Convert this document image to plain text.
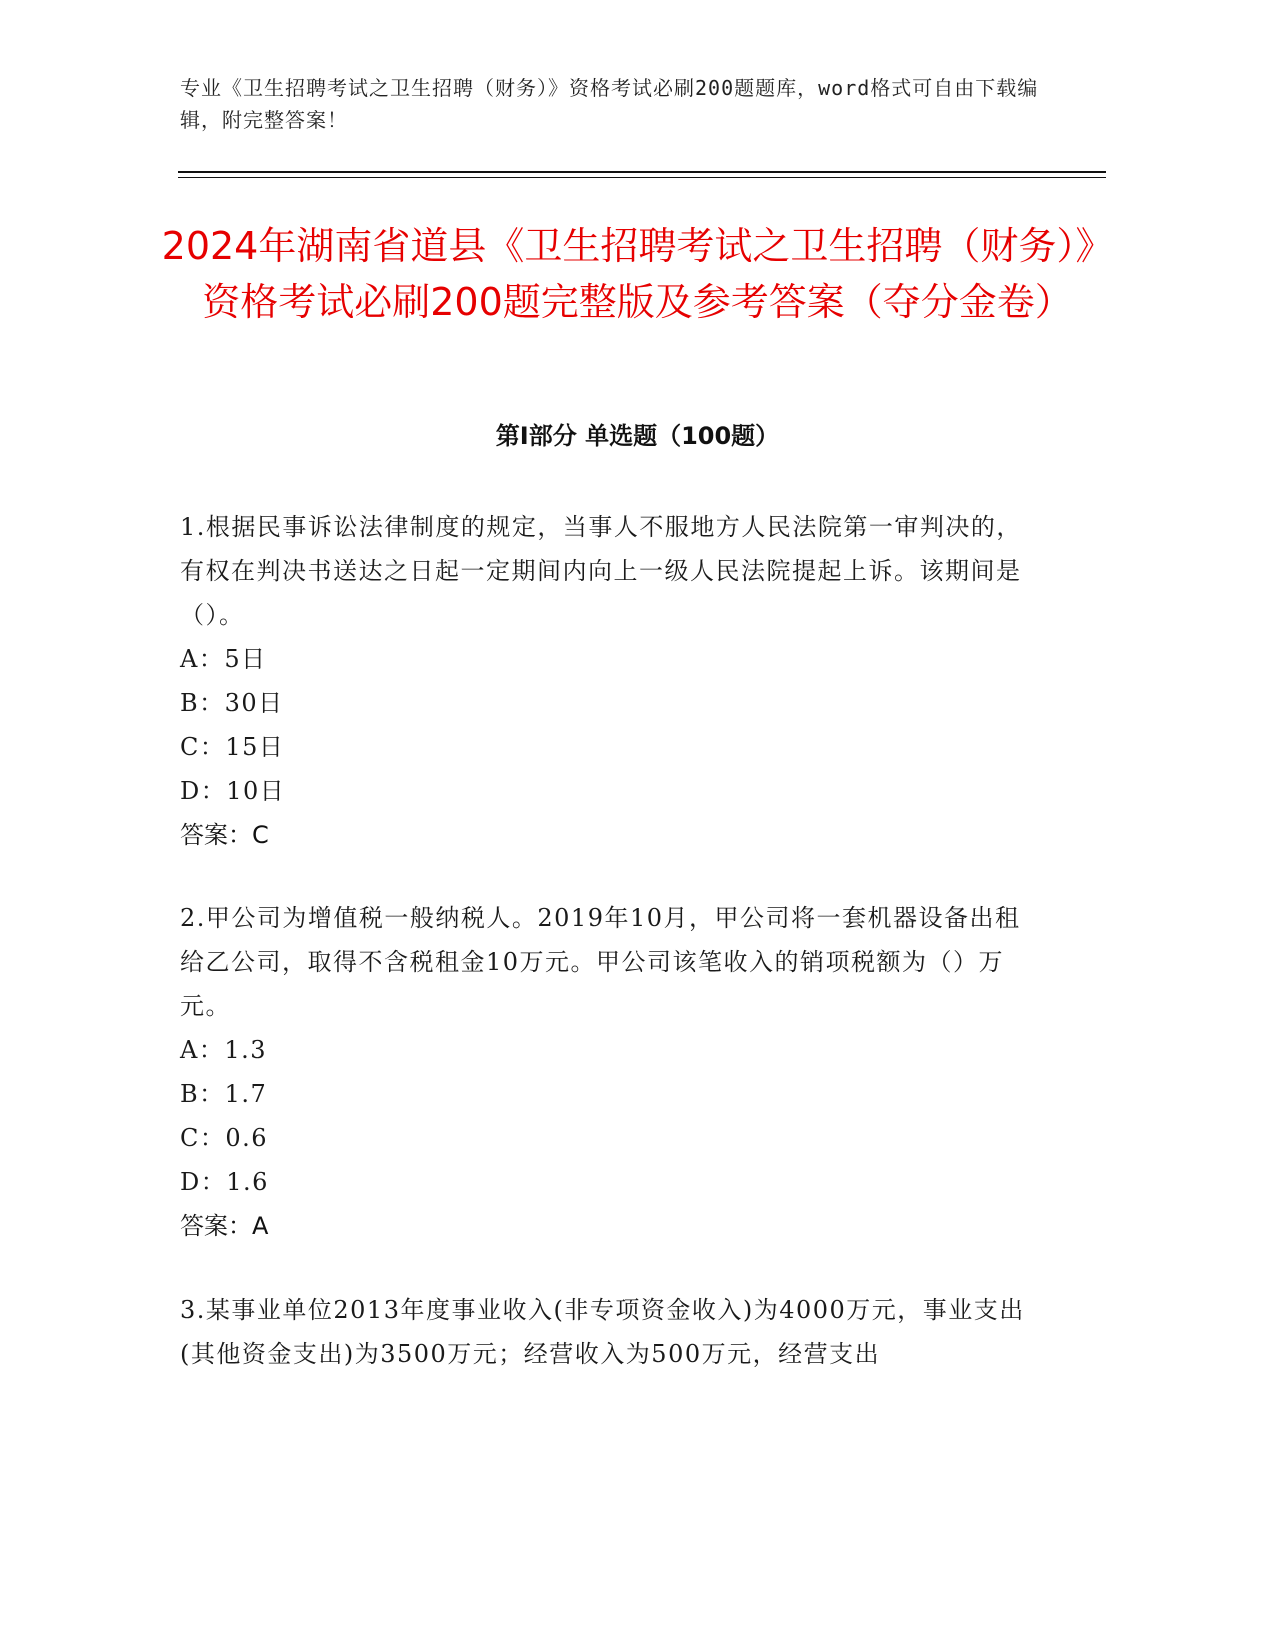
专业《卫生招聘考试之卫生招聘（财务）》资格考试必刷200题题库，word格式可自由下载编辑，附完整答案！
2024年湖南省道县《卫生招聘考试之卫生招聘（财务）》资格考试必刷200题完整版及参考答案（夺分金卷）
第Ⅰ部分 单选题（100题）

1.根据民事诉讼法律制度的规定，当事人不服地方人民法院第一审判决的，有权在判决书送达之日起一定期间内向上一级人民法院提起上诉。该期间是（）。

A：5日

B：30日

C：15日

D：10日

答案：C

2.甲公司为增值税一般纳税人。2019年10月，甲公司将一套机器设备出租给乙公司，取得不含税租金10万元。甲公司该笔收入的销项税额为（）万元。

A：1.3

B：1.7

C：0.6

D：1.6

答案：A

3.某事业单位2013年度事业收入(非专项资金收入)为4000万元，事业支出(其他资金支出)为3500万元；经营收入为500万元，经营支出
